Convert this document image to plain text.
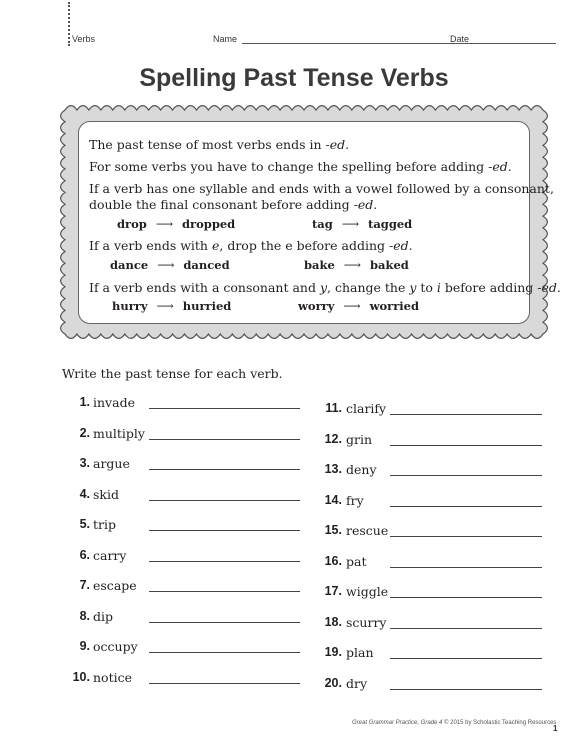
Verbs	Name	Date
Spelling Past Tense Verbs
The past tense of most verbs ends in -ed.
For some verbs you have to change the spelling before adding -ed.
If a verb has one syllable and ends with a vowel followed by a consonant,
double the final consonant before adding -ed.
drop ⟶ dropped	tag ⟶ tagged
If a verb ends with e, drop the e before adding -ed.
dance ⟶ danced	bake ⟶ baked
If a verb ends with a consonant and y, change the y to i before adding -ed.
hurry ⟶ hurried	worry ⟶ worried
Write the past tense for each verb.
1. invade
2. multiply
3. argue
4. skid
5. trip
6. carry
7. escape
8. dip
9. occupy
10. notice
11. clarify
12. grin
13. deny
14. fry
15. rescue
16. pat
17. wiggle
18. scurry
19. plan
20. dry
Great Grammar Practice, Grade 4 © 2015 by Scholastic Teaching Resources
1
